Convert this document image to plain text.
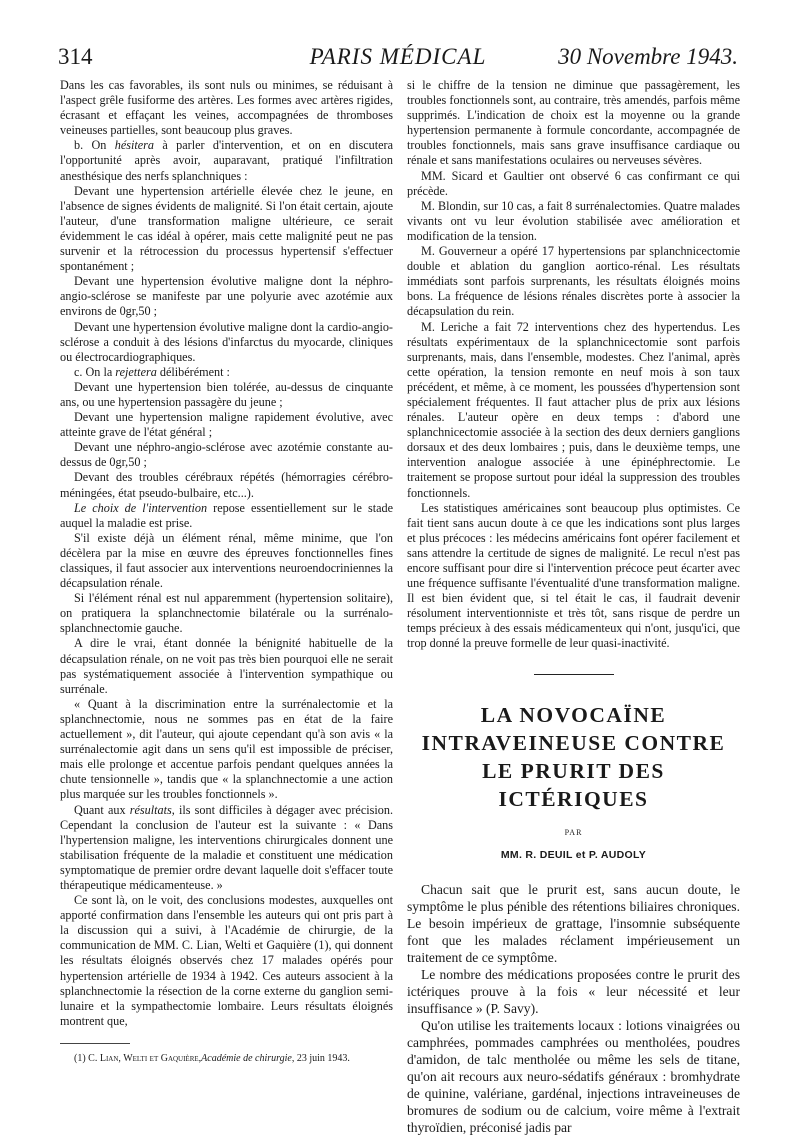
314	PARIS MÉDICAL	30 Novembre 1943.

Dans les cas favorables, ils sont nuls ou minimes, se réduisant à l'aspect grêle fusiforme des artères. Les formes avec artères rigides, écrasant et effaçant les veines, accompagnées de thromboses veineuses partielles, sont beaucoup plus graves.

b. On hésitera à parler d'intervention, et on en discutera l'opportunité après avoir, auparavant, pratiqué l'infiltration anesthésique des nerfs splanchniques :

Devant une hypertension artérielle élevée chez le jeune, en l'absence de signes évidents de malignité. Si l'on était certain, ajoute l'auteur, d'une transformation maligne ultérieure, ce serait évidemment le cas idéal à opérer, mais cette malignité peut ne pas survenir et la rétrocession du processus hypertensif s'effectuer spontanément ;

Devant une hypertension évolutive maligne dont la néphro-angio-sclérose se manifeste par une polyurie avec azotémie aux environs de 0gr,50 ;

Devant une hypertension évolutive maligne dont la cardio-angio-sclérose a conduit à des lésions d'infarctus du myocarde, cliniques ou électrocardiographiques.

c. On la rejettera délibérément :

Devant une hypertension bien tolérée, au-dessus de cinquante ans, ou une hypertension passagère du jeune ;

Devant une hypertension maligne rapidement évolutive, avec atteinte grave de l'état général ;

Devant une néphro-angio-sclérose avec azotémie constante au-dessus de 0gr,50 ;

Devant des troubles cérébraux répétés (hémorragies cérébro-méningées, état pseudo-bulbaire, etc...).

Le choix de l'intervention repose essentiellement sur le stade auquel la maladie est prise.

S'il existe déjà un élément rénal, même minime, que l'on décèlera par la mise en œuvre des épreuves fonctionnelles fines classiques, il faut associer aux interventions neuroendocriniennes la décapsulation rénale.

Si l'élément rénal est nul apparemment (hypertension solitaire), on pratiquera la splanchnectomie bilatérale ou la surrénalo-splanchnectomie gauche.

A dire le vrai, étant donnée la bénignité habituelle de la décapsulation rénale, on ne voit pas très bien pourquoi elle ne serait pas systématiquement associée à l'intervention sympathique ou surrénale.

« Quant à la discrimination entre la surrénalectomie et la splanchnectomie, nous ne sommes pas en état de la faire actuellement », dit l'auteur, qui ajoute cependant qu'à son avis « la surrénalectomie agit dans un sens qu'il est impossible de préciser, mais elle prolonge et accentue parfois pendant quelques années la chute tensionnelle », tandis que « la splanchnectomie a une action plus marquée sur les troubles fonctionnels ».

Quant aux résultats, ils sont difficiles à dégager avec précision. Cependant la conclusion de l'auteur est la suivante : « Dans l'hypertension maligne, les interventions chirurgicales donnent une stabilisation fréquente de la maladie et constituent une médication symptomatique de premier ordre devant laquelle doit s'effacer toute thérapeutique médicamenteuse. »

Ce sont là, on le voit, des conclusions modestes, auxquelles ont apporté confirmation dans l'ensemble les auteurs qui ont pris part à la discussion qui a suivi, à l'Académie de chirurgie, de la communication de MM. C. Lian, Welti et Gaquière (1), qui donnent les résultats éloignés observés chez 17 malades opérés pour hypertension artérielle de 1934 à 1942. Ces auteurs associent à la splanchnectomie la résection de la corne externe du ganglion semi-lunaire et la sympathectomie lombaire. Leurs résultats éloignés montrent que,

(1) C. Lian, Welti et Gaquière,Académie de chirurgie, 23 juin 1943.

si le chiffre de la tension ne diminue que passagèrement, les troubles fonctionnels sont, au contraire, très amendés, parfois même supprimés. L'indication de choix est la moyenne ou la grande hypertension permanente à formule concordante, accompagnée de troubles fonctionnels, mais sans grave insuffisance cardiaque ou rénale et sans manifestations oculaires ou nerveuses sévères.

MM. Sicard et Gaultier ont observé 6 cas confirmant ce qui précède.

M. Blondin, sur 10 cas, a fait 8 surrénalectomies. Quatre malades vivants ont vu leur évolution stabilisée avec amélioration et modification de la tension.

M. Gouverneur a opéré 17 hypertensions par splanchnicectomie double et ablation du ganglion aortico-rénal. Les résultats immédiats sont parfois surprenants, les résultats éloignés moins bons. La fréquence de lésions rénales discrètes porte à associer la décapsulation du rein.

M. Leriche a fait 72 interventions chez des hypertendus. Les résultats expérimentaux de la splanchnicectomie sont parfois surprenants, mais, dans l'ensemble, modestes. Chez l'animal, après cette opération, la tension remonte en neuf mois à son taux précédent, et même, à ce moment, les poussées d'hypertension sont spécialement fréquentes. Il faut attacher plus de prix aux lésions rénales. L'auteur opère en deux temps : d'abord une splanchnicectomie associée à la section des deux derniers ganglions dorsaux et des deux lombaires ; puis, dans le deuxième temps, une intervention analogue associée à une épinéphrectomie. Le traitement se propose surtout pour idéal la suppression des troubles fonctionnels.

Les statistiques américaines sont beaucoup plus optimistes. Ce fait tient sans aucun doute à ce que les indications sont plus larges et plus précoces : les médecins américains font opérer facilement et sans attendre la certitude de signes de malignité. Le recul n'est pas encore suffisant pour dire si l'intervention précoce peut écarter avec une fréquence suffisante l'éventualité d'une transformation maligne. Il est bien évident que, si tel était le cas, il faudrait devenir résolument interventionniste et très tôt, sans risque de perdre un temps précieux à des essais médicamenteux qui n'ont, jusqu'ici, que trop donné la preuve formelle de leur quasi-inactivité.

LA NOVOCAÏNE
INTRAVEINEUSE CONTRE
LE PRURIT DES ICTÉRIQUES
PAR
MM. R. DEUIL et P. AUDOLY

Chacun sait que le prurit est, sans aucun doute, le symptôme le plus pénible des rétentions biliaires chroniques. Le besoin impérieux de grattage, l'insomnie subséquente font que les malades réclament impérieusement un traitement de ce symptôme.

Le nombre des médications proposées contre le prurit des ictériques prouve à la fois « leur nécessité et leur insuffisance » (P. Savy).

Qu'on utilise les traitements locaux : lotions vinaigrées ou camphrées, pommades camphrées ou mentholées, poudres d'amidon, de talc mentholée ou même les sels de titane, qu'on ait recours aux neuro-sédatifs généraux : bromhydrate de quinine, valériane, gardénal, injections intraveineuses de bromures de sodium ou de calcium, voire même à l'extrait thyroïdien, préconisé jadis par
